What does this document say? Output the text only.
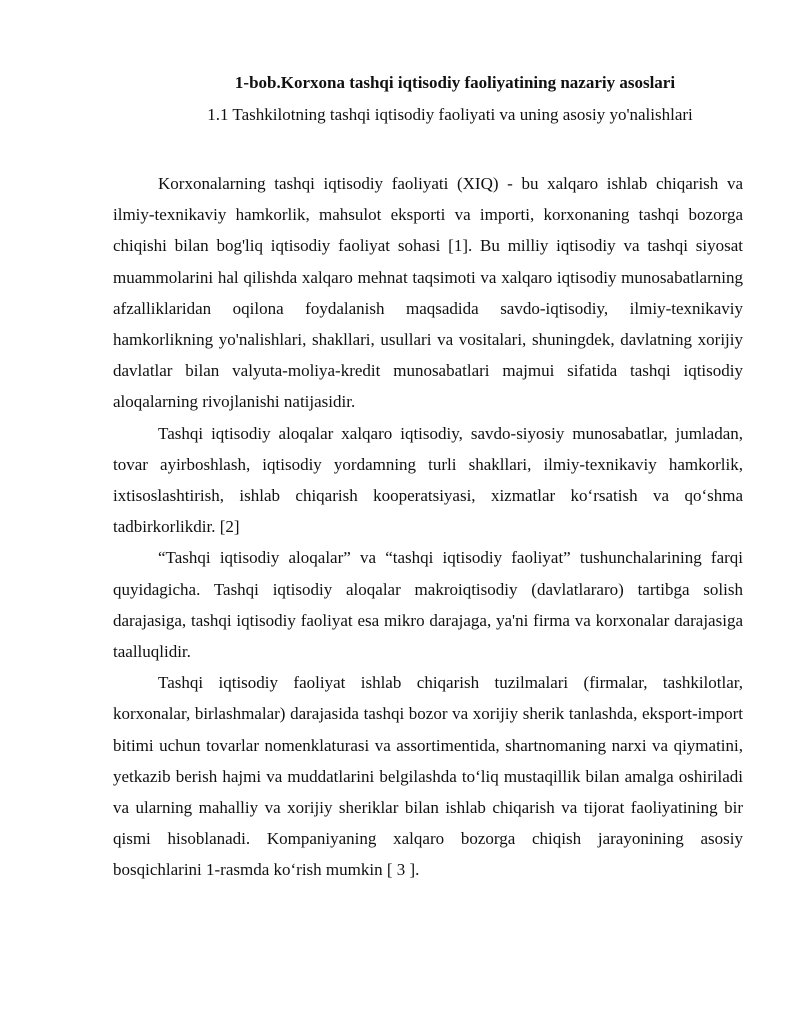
1-bob.Korxona tashqi iqtisodiy faoliyatining nazariy asoslari
1.1 Tashkilotning tashqi iqtisodiy faoliyati va uning asosiy yo'nalishlari

Korxonalarning tashqi iqtisodiy faoliyati (XIQ) - bu xalqaro ishlab chiqarish va ilmiy-texnikaviy hamkorlik, mahsulot eksporti va importi, korxonaning tashqi bozorga chiqishi bilan bog'liq iqtisodiy faoliyat sohasi [1]. Bu milliy iqtisodiy va tashqi siyosat muammolarini hal qilishda xalqaro mehnat taqsimoti va xalqaro iqtisodiy munosabatlarning afzalliklaridan oqilona foydalanish maqsadida savdo-iqtisodiy, ilmiy-texnikaviy hamkorlikning yo'nalishlari, shakllari, usullari va vositalari, shuningdek, davlatning xorijiy davlatlar bilan valyuta-moliya-kredit munosabatlari majmui sifatida tashqi iqtisodiy aloqalarning rivojlanishi natijasidir.

Tashqi iqtisodiy aloqalar xalqaro iqtisodiy, savdo-siyosiy munosabatlar, jumladan, tovar ayirboshlash, iqtisodiy yordamning turli shakllari, ilmiy-texnikaviy hamkorlik, ixtisoslashtirish, ishlab chiqarish kooperatsiyasi, xizmatlar ko‘rsatish va qo‘shma tadbirkorlikdir. [2]

“Tashqi iqtisodiy aloqalar” va “tashqi iqtisodiy faoliyat” tushunchalarining farqi quyidagicha. Tashqi iqtisodiy aloqalar makroiqtisodiy (davlatlararo) tartibga solish darajasiga, tashqi iqtisodiy faoliyat esa mikro darajaga, ya'ni firma va korxonalar darajasiga taalluqlidir.

Tashqi iqtisodiy faoliyat ishlab chiqarish tuzilmalari (firmalar, tashkilotlar, korxonalar, birlashmalar) darajasida tashqi bozor va xorijiy sherik tanlashda, eksport-import bitimi uchun tovarlar nomenklaturasi va assortimentida, shartnomaning narxi va qiymatini, yetkazib berish hajmi va muddatlarini belgilashda to‘liq mustaqillik bilan amalga oshiriladi va ularning mahalliy va xorijiy sheriklar bilan ishlab chiqarish va tijorat faoliyatining bir qismi hisoblanadi. Kompaniyaning xalqaro bozorga chiqish jarayonining asosiy bosqichlarini 1-rasmda ko‘rish mumkin [ 3 ].
